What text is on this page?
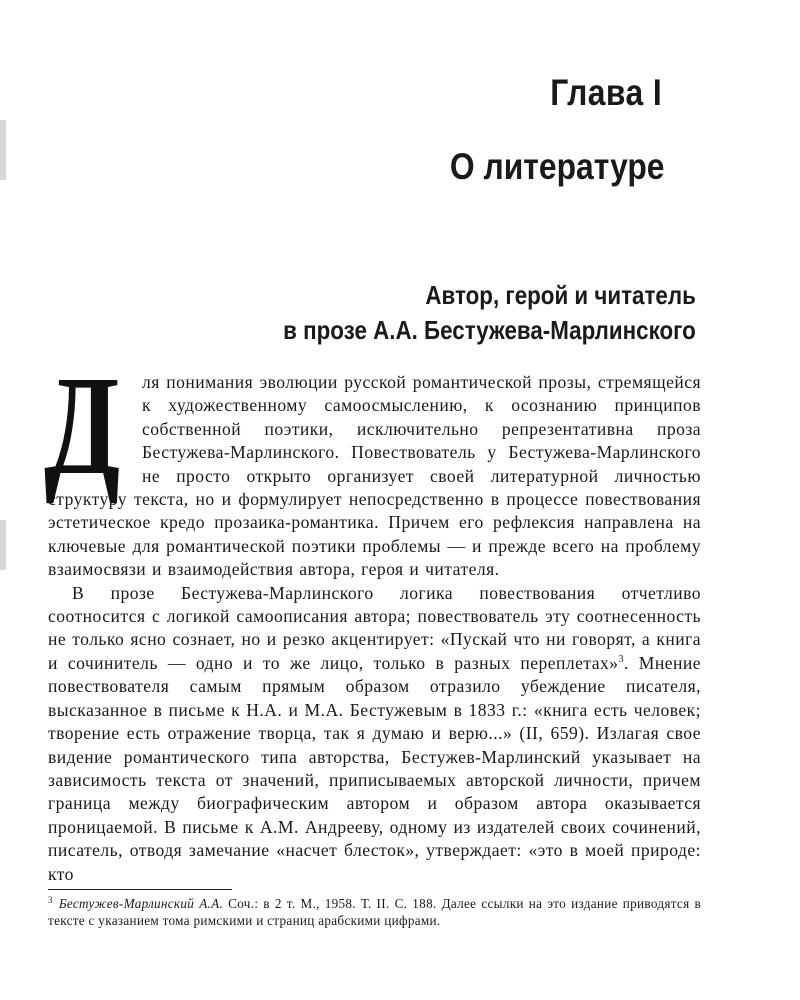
Глава I
О литературе
Автор, герой и читатель
в прозе А.А. Бестужева-Марлинского

Д ля понимания эволюции русской романтической прозы, стремящейся к художественному самоосмыслению, к осознанию принципов собственной поэтики, исключительно репрезентативна проза Бестужева-Марлинского. Повествователь у Бестужева-Марлинского не просто открыто организует своей литературной личностью структуру текста, но и формулирует непосредственно в процессе повествования эстетическое кредо прозаика-романтика. Причем его рефлексия направлена на ключевые для романтической поэтики проблемы — и прежде всего на проблему взаимосвязи и взаимодействия автора, героя и читателя.

В прозе Бестужева-Марлинского логика повествования отчетливо соотносится с логикой самоописания автора; повествователь эту соотнесенность не только ясно сознает, но и резко акцентирует: «Пускай что ни говорят, а книга и сочинитель — одно и то же лицо, только в разных переплетах»$^3$. Мнение повествователя самым прямым образом отразило убеждение писателя, высказанное в письме к Н.А. и М.А. Бестужевым в 1833 г.: «книга есть человек; творение есть отражение творца, так я думаю и верю...» (II, 659). Излагая свое видение романтического типа авторства, Бестужев-Марлинский указывает на зависимость текста от значений, приписываемых авторской личности, причем граница между биографическим автором и образом автора оказывается проницаемой. В письме к А.М. Андрееву, одному из издателей своих сочинений, писатель, отводя замечание «насчет блесток», утверждает: «это в моей природе: кто

$^3$ Бестужев-Марлинский А.А. Соч.: в 2 т. М., 1958. Т. II. С. 188. Далее ссылки на это издание приводятся в тексте с указанием тома римскими и страниц арабскими цифрами.
